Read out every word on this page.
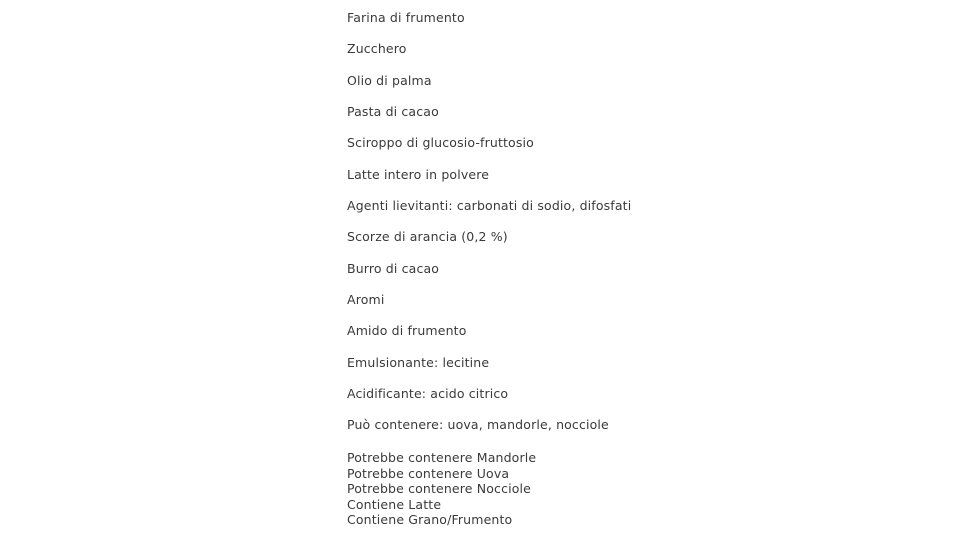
Farina di frumento
Zucchero
Olio di palma
Pasta di cacao
Sciroppo di glucosio-fruttosio
Latte intero in polvere
Agenti lievitanti: carbonati di sodio, difosfati
Scorze di arancia (0,2 %)
Burro di cacao
Aromi
Amido di frumento
Emulsionante: lecitine
Acidificante: acido citrico
Può contenere: uova, mandorle, nocciole
Potrebbe contenere Mandorle
Potrebbe contenere Uova
Potrebbe contenere Nocciole
Contiene Latte
Contiene Grano/Frumento
